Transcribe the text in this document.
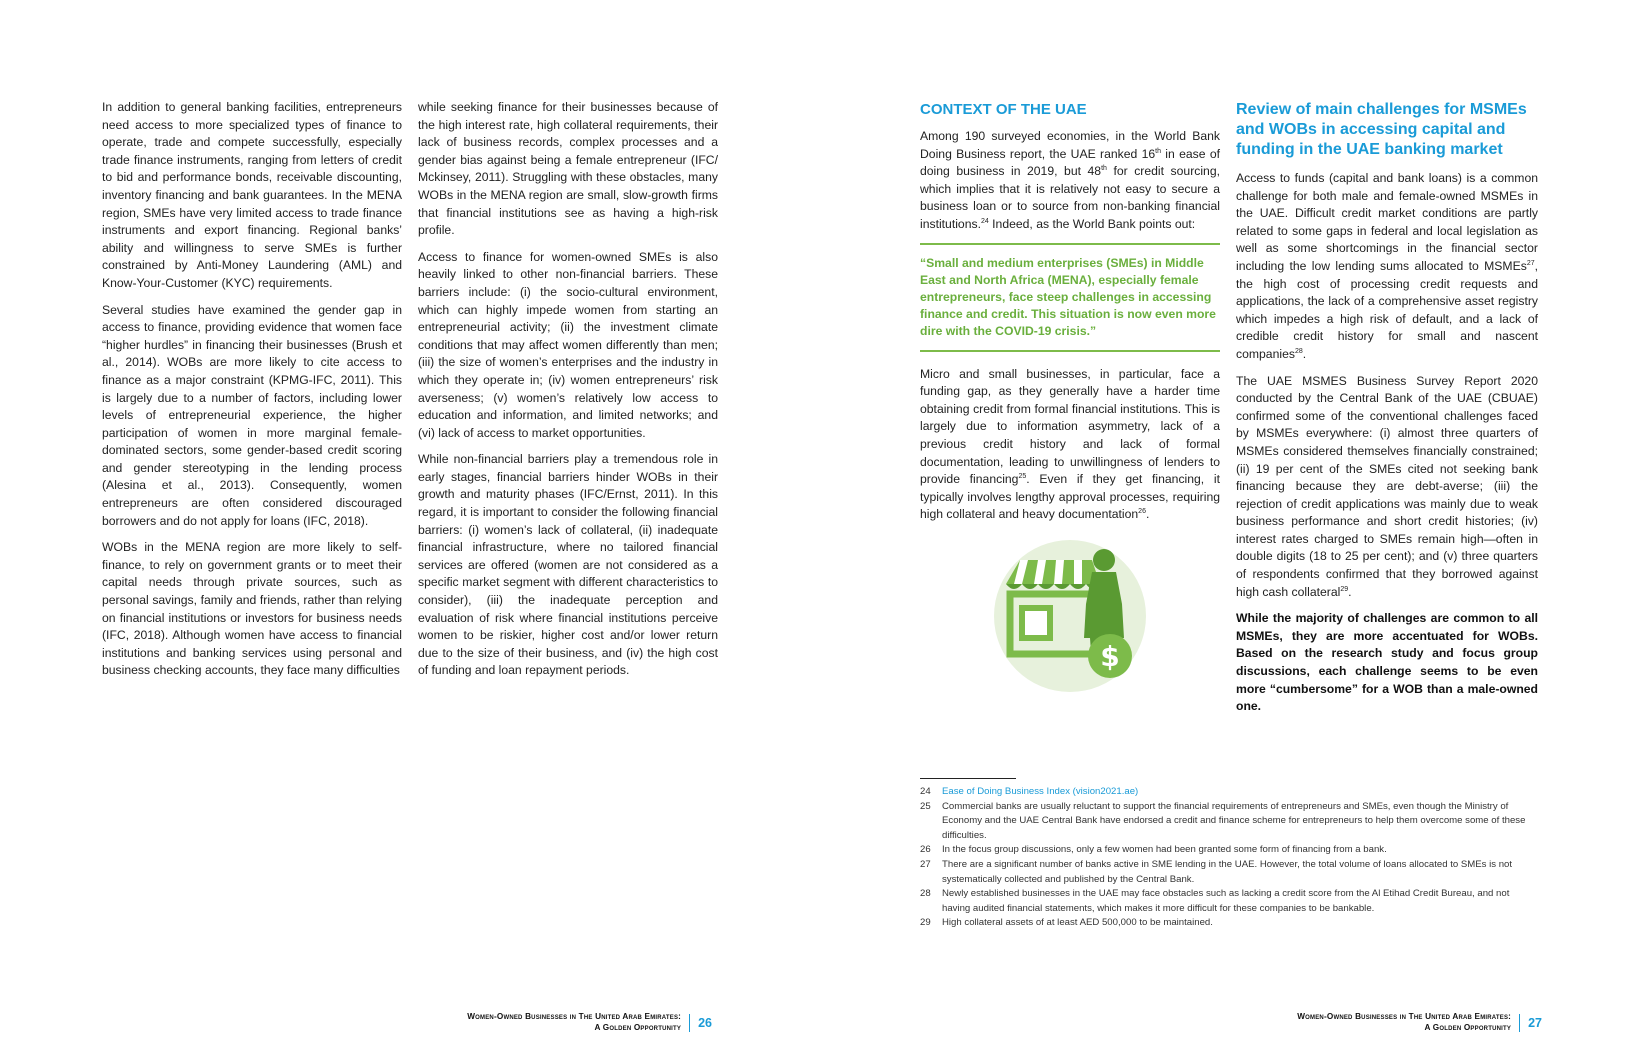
In addition to general banking facilities, entrepreneurs need access to more specialized types of finance to operate, trade and compete successfully, especially trade finance instruments, ranging from letters of credit to bid and performance bonds, receivable discounting, inventory financing and bank guarantees. In the MENA region, SMEs have very limited access to trade finance instruments and export financing. Regional banks’ ability and willingness to serve SMEs is further constrained by Anti-Money Laundering (AML) and Know-Your-Customer (KYC) requirements.

Several studies have examined the gender gap in access to finance, providing evidence that women face “higher hurdles” in financing their businesses (Brush et al., 2014). WOBs are more likely to cite access to finance as a major constraint (KPMG-IFC, 2011). This is largely due to a number of factors, including lower levels of entrepreneurial experience, the higher participation of women in more marginal female-dominated sectors, some gender-based credit scoring and gender stereotyping in the lending process (Alesina et al., 2013). Consequently, women entrepreneurs are often considered discouraged borrowers and do not apply for loans (IFC, 2018).

WOBs in the MENA region are more likely to self-finance, to rely on government grants or to meet their capital needs through private sources, such as personal savings, family and friends, rather than relying on financial institutions or investors for business needs (IFC, 2018). Although women have access to financial institutions and banking services using personal and business checking accounts, they face many difficulties

while seeking finance for their businesses because of the high interest rate, high collateral requirements, their lack of business records, complex processes and a gender bias against being a female entrepreneur (IFC/ Mckinsey, 2011). Struggling with these obstacles, many WOBs in the MENA region are small, slow-growth firms that financial institutions see as having a high-risk profile.

Access to finance for women-owned SMEs is also heavily linked to other non-financial barriers. These barriers include: (i) the socio-cultural environment, which can highly impede women from starting an entrepreneurial activity; (ii) the investment climate conditions that may affect women differently than men; (iii) the size of women’s enterprises and the industry in which they operate in; (iv) women entrepreneurs’ risk averseness; (v) women’s relatively low access to education and information, and limited networks; and (vi) lack of access to market opportunities.

While non-financial barriers play a tremendous role in early stages, financial barriers hinder WOBs in their growth and maturity phases (IFC/Ernst, 2011). In this regard, it is important to consider the following financial barriers: (i) women’s lack of collateral, (ii) inadequate financial infrastructure, where no tailored financial services are offered (women are not considered as a specific market segment with different characteristics to consider), (iii) the inadequate perception and evaluation of risk where financial institutions perceive women to be riskier, higher cost and/or lower return due to the size of their business, and (iv) the high cost of funding and loan repayment periods.

Women-Owned Businesses in The United Arab Emirates:
A Golden Opportunity 26
CONTEXT OF THE UAE

Among 190 surveyed economies, in the World Bank Doing Business report, the UAE ranked 16th in ease of doing business in 2019, but 48th for credit sourcing, which implies that it is relatively not easy to secure a business loan or to source from non-banking financial institutions.$^{24}$ Indeed, as the World Bank points out:

“Small and medium enterprises (SMEs) in Middle East and North Africa (MENA), especially female entrepreneurs, face steep challenges in accessing finance and credit. This situation is now even more dire with the COVID-19 crisis.”

Micro and small businesses, in particular, face a funding gap, as they generally have a harder time obtaining credit from formal financial institutions. This is largely due to information asymmetry, lack of a previous credit history and lack of formal documentation, leading to unwillingness of lenders to provide financing$^{25}$. Even if they get financing, it typically involves lengthy approval processes, requiring high collateral and heavy documentation$^{26}$.

$
Review of main challenges for MSMEs and WOBs in accessing capital and funding in the UAE banking market

Access to funds (capital and bank loans) is a common challenge for both male and female-owned MSMEs in the UAE. Difficult credit market conditions are partly related to some gaps in federal and local legislation as well as some shortcomings in the financial sector including the low lending sums allocated to MSMEs$^{27}$, the high cost of processing credit requests and applications, the lack of a comprehensive asset registry which impedes a high risk of default, and a lack of credible credit history for small and nascent companies$^{28}$.

The UAE MSMES Business Survey Report 2020 conducted by the Central Bank of the UAE (CBUAE) confirmed some of the conventional challenges faced by MSMEs everywhere: (i) almost three quarters of MSMEs considered themselves financially constrained; (ii) 19 per cent of the SMEs cited not seeking bank financing because they are debt-averse; (iii) the rejection of credit applications was mainly due to weak business performance and short credit histories; (iv) interest rates charged to SMEs remain high—often in double digits (18 to 25 per cent); and (v) three quarters of respondents confirmed that they borrowed against high cash collateral$^{29}$.

While the majority of challenges are common to all MSMEs, they are more accentuated for WOBs. Based on the research study and focus group discussions, each challenge seems to be even more “cumbersome” for a WOB than a male-owned one.

24	Ease of Doing Business Index (vision2021.ae)
25	Commercial banks are usually reluctant to support the financial requirements of entrepreneurs and SMEs, even though the Ministry of Economy and the UAE Central Bank have endorsed a credit and finance scheme for entrepreneurs to help them overcome some of these difficulties.
26	In the focus group discussions, only a few women had been granted some form of financing from a bank.
27	There are a significant number of banks active in SME lending in the UAE. However, the total volume of loans allocated to SMEs is not systematically collected and published by the Central Bank.
28	Newly established businesses in the UAE may face obstacles such as lacking a credit score from the Al Etihad Credit Bureau, and not having audited financial statements, which makes it more difficult for these companies to be bankable.
29	High collateral assets of at least AED 500,000 to be maintained.
Women-Owned Businesses in The United Arab Emirates:
A Golden Opportunity 27
